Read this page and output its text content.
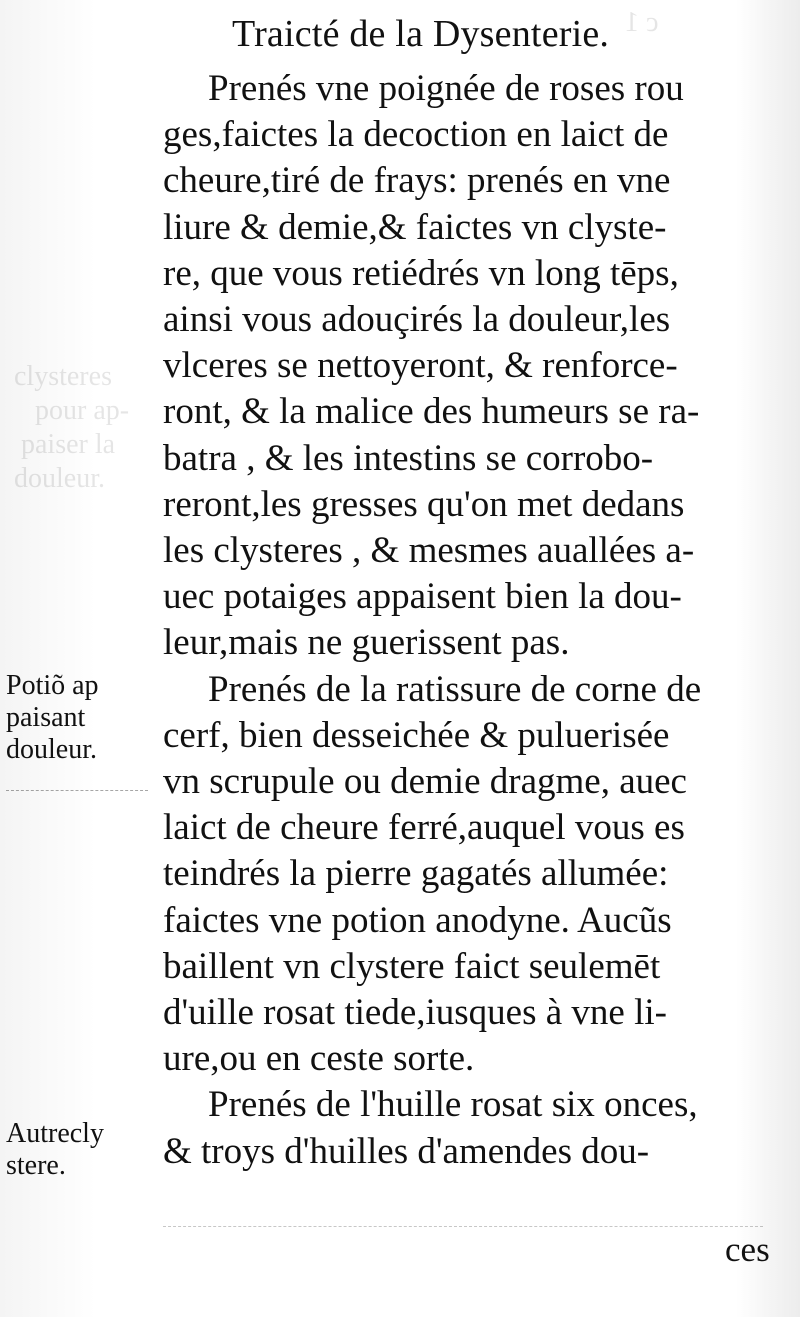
c 1
clysteres
pour ap-
paiser la
douleur.
Traicté de la Dysenterie.
Prenés vne poignée de roses rou
ges,faictes la decoction en laict de
cheure,tiré de frays: prenés en vne
liure & demie,& faictes vn clyste-
re, que vous retiédrés vn long tēps,
ainsi vous adouçirés la douleur,les
vlceres se nettoyeront, & renforce-
ront, & la malice des humeurs se ra-
batra , & les intestins se corrobo-
reront,les gresses qu'on met dedans
les clysteres , & mesmes auallées a-
uec potaiges appaisent bien la dou-
leur,mais ne guerissent pas.
Prenés de la ratissure de corne de
cerf, bien desseichée & puluerisée
vn scrupule ou demie dragme, auec
laict de cheure ferré,auquel vous es
teindrés la pierre gagatés allumée:
faictes vne potion anodyne. Aucũs
baillent vn clystere faict seulemēt
d'uille rosat tiede,iusques à vne li-
ure,ou en ceste sorte.
Prenés de l'huille rosat six onces,
& troys d'huilles d'amendes dou-
Potiõ ap
paisant
douleur.
Autrecly
stere.
ces
